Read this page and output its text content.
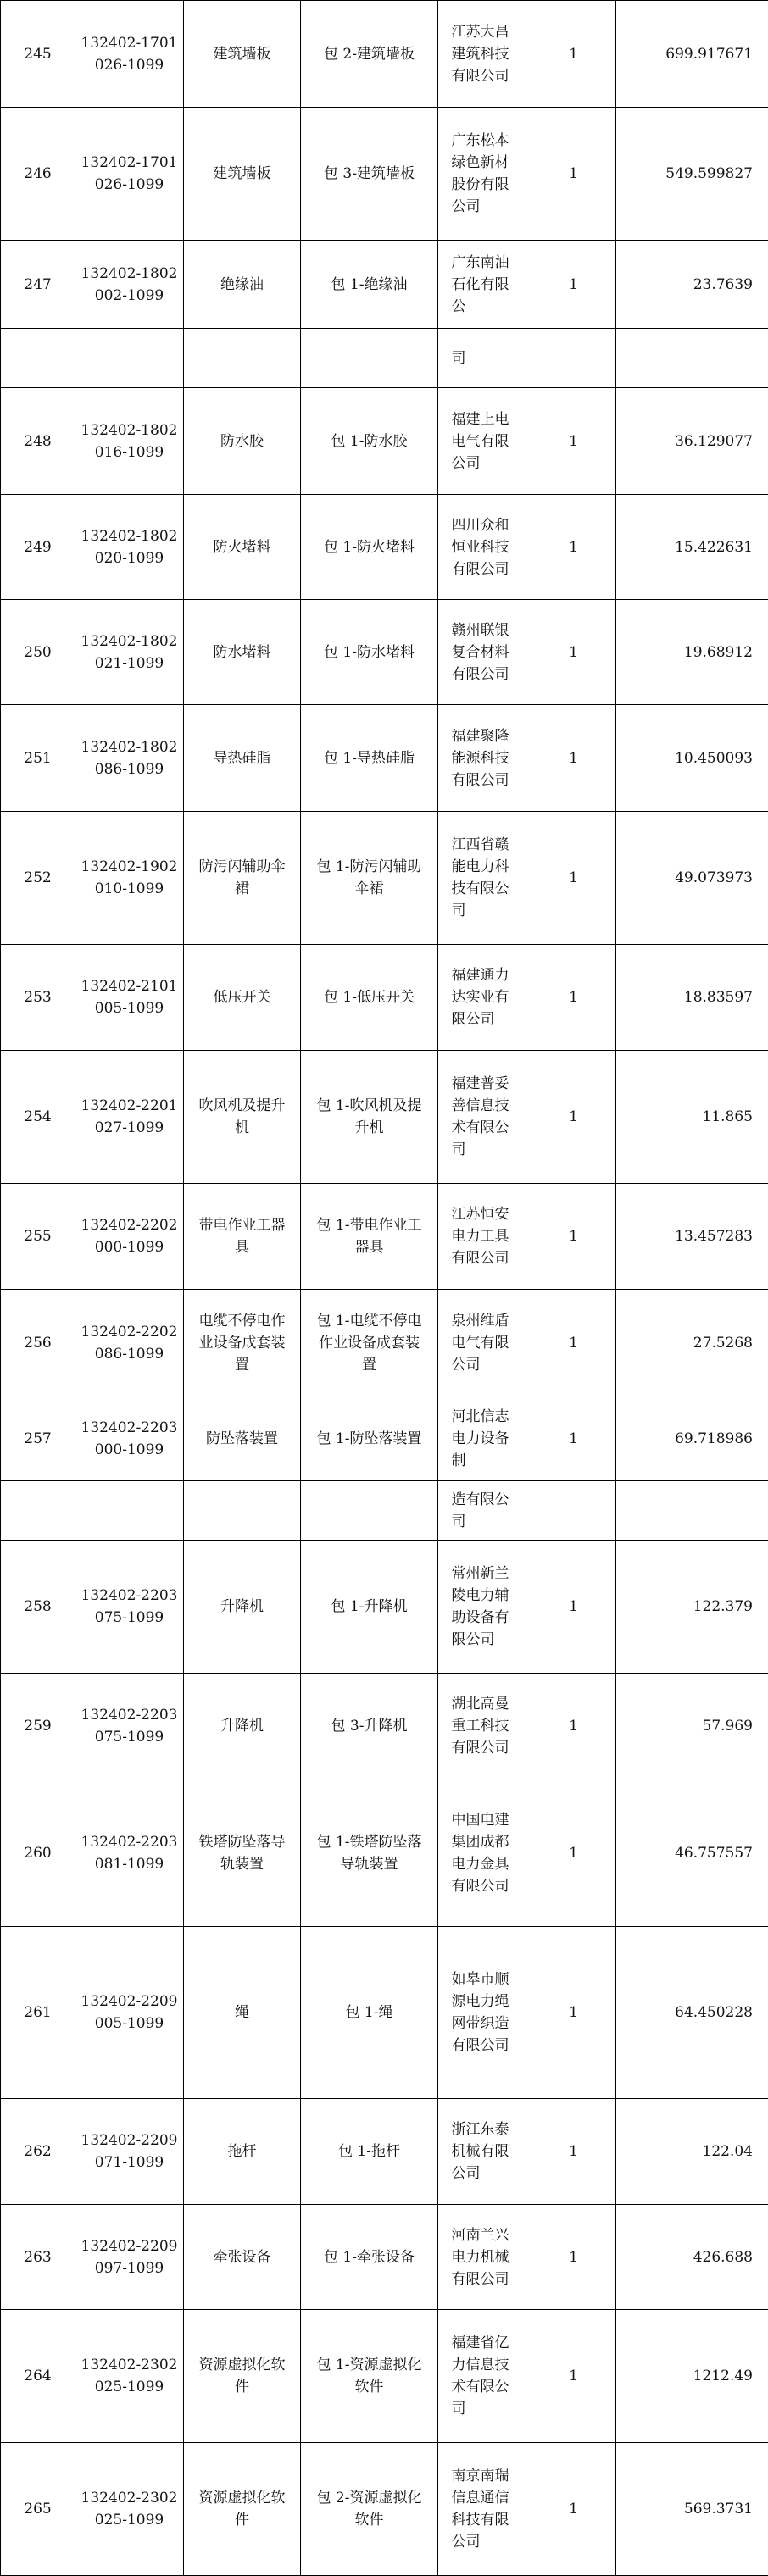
245	132402-1701026-1099	建筑墙板	包 2-建筑墙板	江苏大昌建筑科技有限公司	1	699.917671
246	132402-1701026-1099	建筑墙板	包 3-建筑墙板	广东松本绿色新材股份有限公司	1	549.599827
247	132402-1802002-1099	绝缘油	包 1-绝缘油	广东南油石化有限公	1	23.7639
				司		
248	132402-1802016-1099	防水胶	包 1-防水胶	福建上电电气有限公司	1	36.129077
249	132402-1802020-1099	防火堵料	包 1-防火堵料	四川众和恒业科技有限公司	1	15.422631
250	132402-1802021-1099	防水堵料	包 1-防水堵料	赣州联银复合材料有限公司	1	19.68912
251	132402-1802086-1099	导热硅脂	包 1-导热硅脂	福建聚隆能源科技有限公司	1	10.450093
252	132402-1902010-1099	防污闪辅助伞裙	包 1-防污闪辅助伞裙	江西省赣能电力科技有限公司	1	49.073973
253	132402-2101005-1099	低压开关	包 1-低压开关	福建通力达实业有限公司	1	18.83597
254	132402-2201027-1099	吹风机及提升机	包 1-吹风机及提升机	福建普妥善信息技术有限公司	1	11.865
255	132402-2202000-1099	带电作业工器具	包 1-带电作业工器具	江苏恒安电力工具有限公司	1	13.457283
256	132402-2202086-1099	电缆不停电作业设备成套装置	包 1-电缆不停电作业设备成套装置	泉州维盾电气有限公司	1	27.5268
257	132402-2203000-1099	防坠落装置	包 1-防坠落装置	河北信志电力设备制	1	69.718986
				造有限公司		
258	132402-2203075-1099	升降机	包 1-升降机	常州新兰陵电力辅助设备有限公司	1	122.379
259	132402-2203075-1099	升降机	包 3-升降机	湖北高曼重工科技有限公司	1	57.969
260	132402-2203081-1099	铁塔防坠落导轨装置	包 1-铁塔防坠落导轨装置	中国电建集团成都电力金具有限公司	1	46.757557
261	132402-2209005-1099	绳	包 1-绳	如皋市顺源电力绳网带织造有限公司	1	64.450228
262	132402-2209071-1099	拖杆	包 1-拖杆	浙江东泰机械有限公司	1	122.04
263	132402-2209097-1099	牵张设备	包 1-牵张设备	河南兰兴电力机械有限公司	1	426.688
264	132402-2302025-1099	资源虚拟化软件	包 1-资源虚拟化软件	福建省亿力信息技术有限公司	1	1212.49
265	132402-2302025-1099	资源虚拟化软件	包 2-资源虚拟化软件	南京南瑞信息通信科技有限公司	1	569.3731
